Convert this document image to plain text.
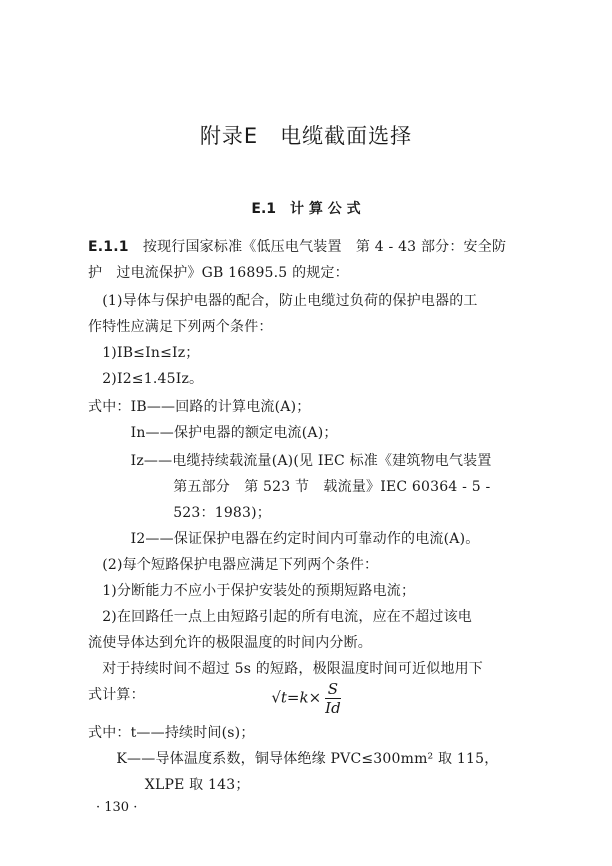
附录E　电缆截面选择
E.1　计 算 公 式
E.1.1　按现行国家标准《低压电气装置　第 4 - 43 部分：安全防
护　过电流保护》GB 16895.5 的规定：
　(1)导体与保护电器的配合，防止电缆过负荷的保护电器的工
作特性应满足下列两个条件：
　1)IB≤In≤Iz；
　2)I2≤1.45Iz。
式中：IB——回路的计算电流(A)；
　　　In——保护电器的额定电流(A)；
　　　Iz——电缆持续载流量(A)(见 IEC 标准《建筑物电气装置
　　　　　　第五部分　第 523 节　载流量》IEC 60364 - 5 -
　　　　　　523：1983)；
　　　I2——保证保护电器在约定时间内可靠动作的电流(A)。
　(2)每个短路保护电器应满足下列两个条件：
　1)分断能力不应小于保护安装处的预期短路电流；
　2)在回路任一点上由短路引起的所有电流，应在不超过该电
流使导体达到允许的极限温度的时间内分断。
　对于持续时间不超过 5s 的短路，极限温度时间可近似地用下
式计算：	$√t=k\times \frac{S}{Id}$
式中：t——持续时间(s)；
　　K——导体温度系数，铜导体绝缘 PVC≤300mm² 取 115，
　　　　XLPE 取 143；
· 130 ·
